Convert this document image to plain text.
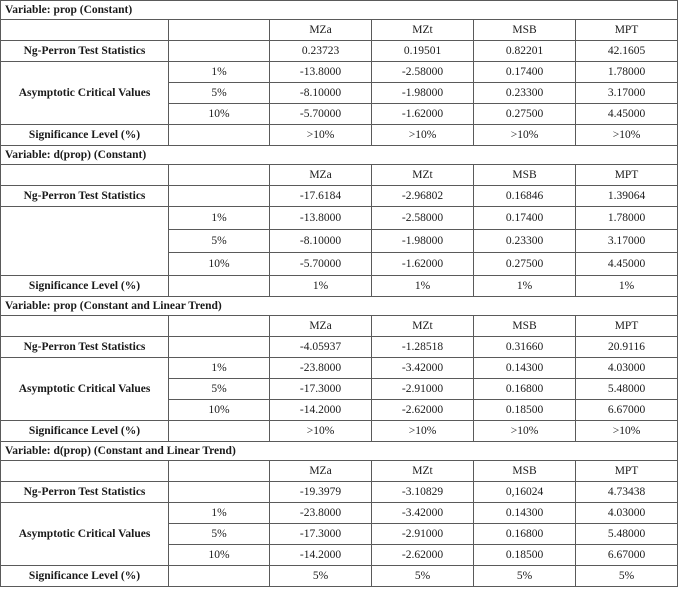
Variable: prop (Constant)					
		MZa	MZt	MSB	MPT
Ng-Perron Test Statistics		0.23723	0.19501	0.82201	42.1605
Asymptotic Critical Values	1%	-13.8000	-2.58000	0.17400	1.78000
	5%	-8.10000	-1.98000	0.23300	3.17000
	10%	-5.70000	-1.62000	0.27500	4.45000
Significance Level (%)		>10%	>10%	>10%	>10%
Variable: d(prop) (Constant)					
		MZa	MZt	MSB	MPT
Ng-Perron Test Statistics		-17.6184	-2.96802	0.16846	1.39064
	1%	-13.8000	-2.58000	0.17400	1.78000
	5%	-8.10000	-1.98000	0.23300	3.17000
	10%	-5.70000	-1.62000	0.27500	4.45000
Significance Level (%)		1%	1%	1%	1%
Variable: prop (Constant and Linear Trend)					
		MZa	MZt	MSB	MPT
Ng-Perron Test Statistics		-4.05937	-1.28518	0.31660	20.9116
Asymptotic Critical Values	1%	-23.8000	-3.42000	0.14300	4.03000
	5%	-17.3000	-2.91000	0.16800	5.48000
	10%	-14.2000	-2.62000	0.18500	6.67000
Significance Level (%)		>10%	>10%	>10%	>10%
Variable: d(prop) (Constant and Linear Trend)					
		MZa	MZt	MSB	MPT
Ng-Perron Test Statistics		-19.3979	-3.10829	0,16024	4.73438
Asymptotic Critical Values	1%	-23.8000	-3.42000	0.14300	4.03000
	5%	-17.3000	-2.91000	0.16800	5.48000
	10%	-14.2000	-2.62000	0.18500	6.67000
Significance Level (%)		5%	5%	5%	5%
